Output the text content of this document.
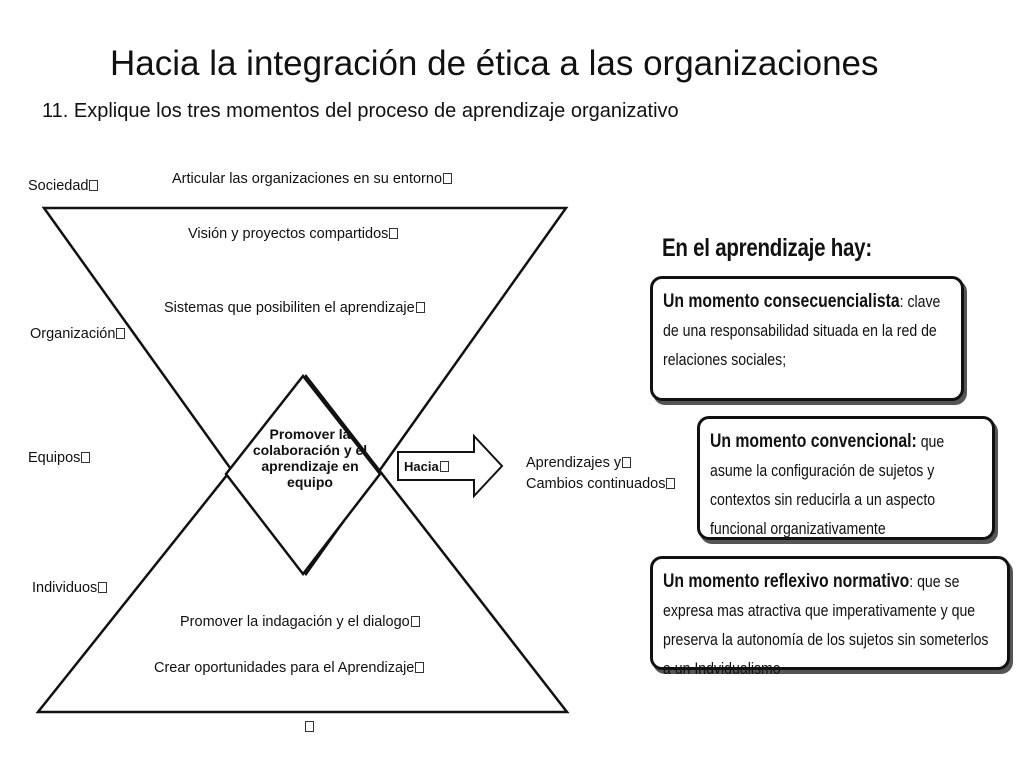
Hacia la integración de ética a las organizaciones
11. Explique los tres momentos del proceso de aprendizaje organizativo
Sociedad
Organización
Equipos
Individuos
Articular las organizaciones en su entorno
Visión y proyectos compartidos
Sistemas que posibiliten el aprendizaje
Promover la indagación y el dialogo
Crear oportunidades para el Aprendizaje
Promover la colaboración y el aprendizaje en equipo
Hacia	Aprendizajes y
Cambios continuados
En el aprendizaje hay:

Un momento consecuencialista: clave de una responsabilidad situada en la red de relaciones sociales;

Un momento convencional: que asume la configuración de sujetos y contextos sin reducirla a un aspecto funcional organizativamente

Un momento reflexivo normativo: que se expresa mas atractiva que imperativamente y que preserva la autonomía de los sujetos sin someterlos a un Indvidualismo
